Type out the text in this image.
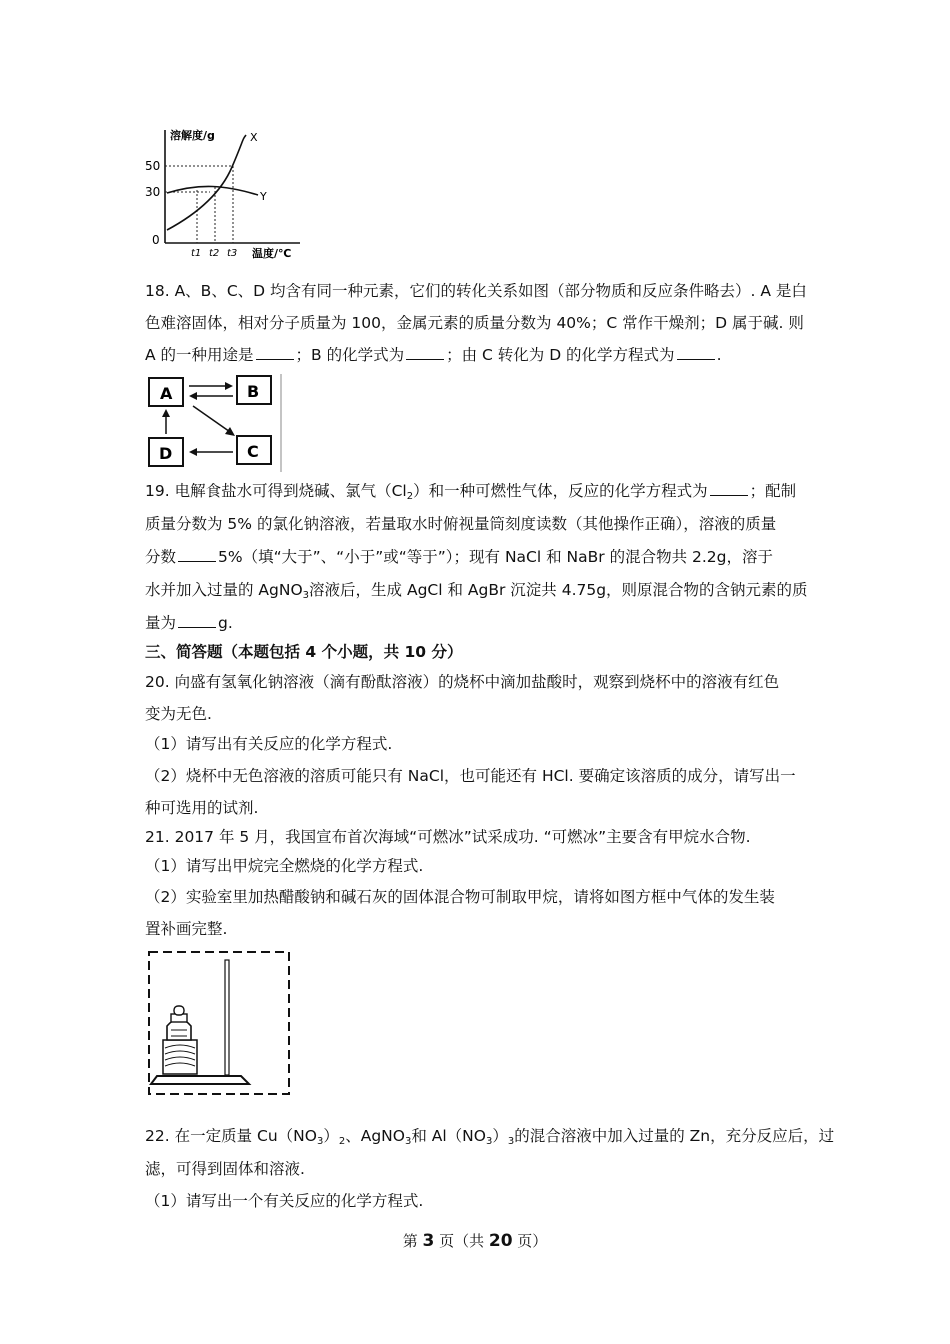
溶解度/g
温度/℃
50
30
0
X
Y
t1 t2 t3
18. A、B、C、D 均含有同一种元素，它们的转化关系如图（部分物质和反应条件略去）. A 是白
色难溶固体，相对分子质量为 100，金属元素的质量分数为 40%；C 常作干燥剂；D 属于碱. 则
A 的一种用途是	；B 的化学式为	；由 C 转化为 D 的化学方程式为	.
A	B
C
D
19. 电解食盐水可得到烧碱、氯气$(Cl_2)$和一种可燃性气体，反应的化学方程式为	；配制
质量分数为 5% 的氯化钠溶液，若量取水时俯视量筒刻度读数（其他操作正确），溶液的质量
分数	5%（填“大于”、“小于”或“等于”）；现有 NaCl 和 NaBr 的混合物共 2.2g，溶于
水并加入过量的 AgNO$_3$溶液后，生成 AgCl 和 AgBr 沉淀共 4.75g，则原混合物的含钠元素的质
量为	g.
三、简答题（本题包括 4 个小题，共 10 分）
20. 向盛有氢氧化钠溶液（滴有酚酞溶液）的烧杯中滴加盐酸时，观察到烧杯中的溶液有红色
变为无色.
（1）请写出有关反应的化学方程式.
（2）烧杯中无色溶液的溶质可能只有 NaCl，也可能还有 HCl. 要确定该溶质的成分，请写出一
种可选用的试剂.
21. 2017 年 5 月，我国宣布首次海域“可燃冰”试采成功. “可燃冰”主要含有甲烷水合物.
（1）请写出甲烷完全燃烧的化学方程式.
（2）实验室里加热醋酸钠和碱石灰的固体混合物可制取甲烷，请将如图方框中气体的发生装
置补画完整.
22. 在一定质量 $Cu(NO_3)_2$、AgNO$_3$和 $Al(NO_3)_3$的混合溶液中加入过量的 Zn，充分反应后，过
滤，可得到固体和溶液.
（1）请写出一个有关反应的化学方程式.
第 3 页（共 20 页）
